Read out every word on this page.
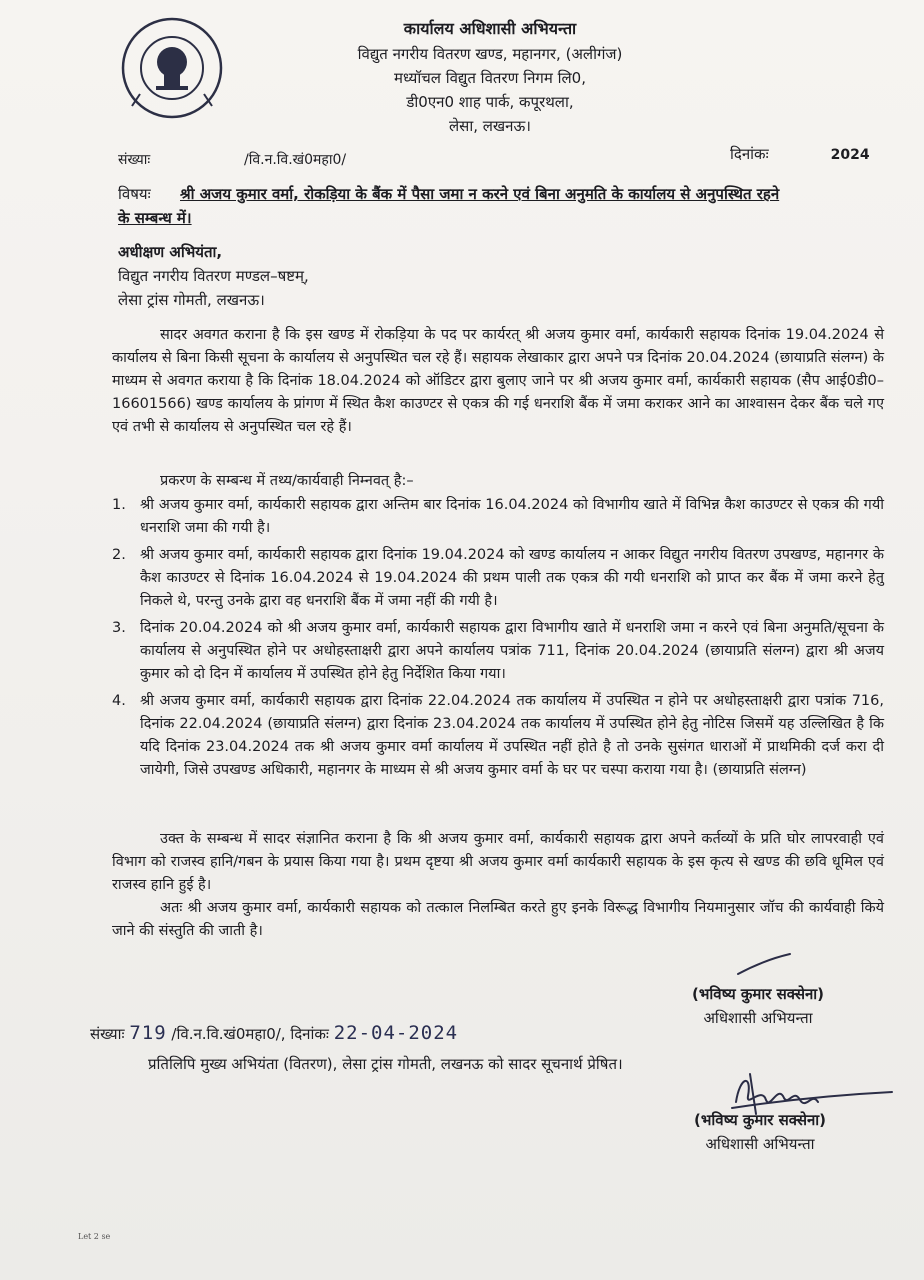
कार्यालय अधिशासी अभियन्ता
विद्युत नगरीय वितरण खण्ड, महानगर, (अलीगंज)
मध्यॉचल विद्युत वितरण निगम लि0,
डी0एन0 शाह पार्क, कपूरथला,
लेसा, लखनऊ।
संख्याः	/वि.न.वि.खं0महा0/	दिनांकः	2024
विषयः श्री अजय कुमार वर्मा, रोकड़िया के बैंक में पैसा जमा न करने एवं बिना अनुमति के कार्यालय से अनुपस्थित रहने
के सम्बन्ध में।
अधीक्षण अभियंता,
विद्युत नगरीय वितरण मण्डल–षष्टम्,
लेसा ट्रांस गोमती, लखनऊ।

सादर अवगत कराना है कि इस खण्ड में रोकड़िया के पद पर कार्यरत् श्री अजय कुमार वर्मा, कार्यकारी सहायक दिनांक 19.04.2024 से कार्यालय से बिना किसी सूचना के कार्यालय से अनुपस्थित चल रहे हैं। सहायक लेखाकार द्वारा अपने पत्र दिनांक 20.04.2024 (छायाप्रति संलग्न) के माध्यम से अवगत कराया है कि दिनांक 18.04.2024 को ऑडिटर द्वारा बुलाए जाने पर श्री अजय कुमार वर्मा, कार्यकारी सहायक (सैप आई0डी0–16601566) खण्ड कार्यालय के प्रांगण में स्थित कैश काउण्टर से एकत्र की गई धनराशि बैंक में जमा कराकर आने का आश्वासन देकर बैंक चले गए एवं तभी से कार्यालय से अनुपस्थित चल रहे हैं।

प्रकरण के सम्बन्ध में तथ्य/कार्यवाही निम्नवत् है:–
1. श्री अजय कुमार वर्मा, कार्यकारी सहायक द्वारा अन्तिम बार दिनांक 16.04.2024 को विभागीय खाते में विभिन्न कैश काउण्टर से एकत्र की गयी धनराशि जमा की गयी है।
2. श्री अजय कुमार वर्मा, कार्यकारी सहायक द्वारा दिनांक 19.04.2024 को खण्ड कार्यालय न आकर विद्युत नगरीय वितरण उपखण्ड, महानगर के कैश काउण्टर से दिनांक 16.04.2024 से 19.04.2024 की प्रथम पाली तक एकत्र की गयी धनराशि को प्राप्त कर बैंक में जमा करने हेतु निकले थे, परन्तु उनके द्वारा वह धनराशि बैंक में जमा नहीं की गयी है।
3. दिनांक 20.04.2024 को श्री अजय कुमार वर्मा, कार्यकारी सहायक द्वारा विभागीय खाते में धनराशि जमा न करने एवं बिना अनुमति/सूचना के कार्यालय से अनुपस्थित होने पर अधोहस्ताक्षरी द्वारा अपने कार्यालय पत्रांक 711, दिनांक 20.04.2024 (छायाप्रति संलग्न) द्वारा श्री अजय कुमार को दो दिन में कार्यालय में उपस्थित होने हेतु निर्देशित किया गया।
4. श्री अजय कुमार वर्मा, कार्यकारी सहायक द्वारा दिनांक 22.04.2024 तक कार्यालय में उपस्थित न होने पर अधोहस्ताक्षरी द्वारा पत्रांक 716, दिनांक 22.04.2024 (छायाप्रति संलग्न) द्वारा दिनांक 23.04.2024 तक कार्यालय में उपस्थित होने हेतु नोटिस जिसमें यह उल्लिखित है कि यदि दिनांक 23.04.2024 तक श्री अजय कुमार वर्मा कार्यालय में उपस्थित नहीं होते है तो उनके सुसंगत धाराओं में प्राथमिकी दर्ज करा दी जायेगी, जिसे उपखण्ड अधिकारी, महानगर के माध्यम से श्री अजय कुमार वर्मा के घर पर चस्पा कराया गया है। (छायाप्रति संलग्न)

उक्त के सम्बन्ध में सादर संज्ञानित कराना है कि श्री अजय कुमार वर्मा, कार्यकारी सहायक द्वारा अपने कर्तव्यों के प्रति घोर लापरवाही एवं विभाग को राजस्व हानि/गबन के प्रयास किया गया है। प्रथम दृष्टया श्री अजय कुमार वर्मा कार्यकारी सहायक के इस कृत्य से खण्ड की छवि धूमिल एवं राजस्व हानि हुई है।

अतः श्री अजय कुमार वर्मा, कार्यकारी सहायक को तत्काल निलम्बित करते हुए इनके विरूद्ध विभागीय नियमानुसार जॉच की कार्यवाही किये जाने की संस्तुति की जाती है।

(भविष्य कुमार सक्सेना)
अधिशासी अभियन्ता
संख्याः 719 /वि.न.वि.खं0महा0/, दिनांकः 22-04-2024
प्रतिलिपि मुख्य अभियंता (वितरण), लेसा ट्रांस गोमती, लखनऊ को सादर सूचनार्थ प्रेषित।
(भविष्य कुमार सक्सेना)
अधिशासी अभियन्ता
Let 2 se
